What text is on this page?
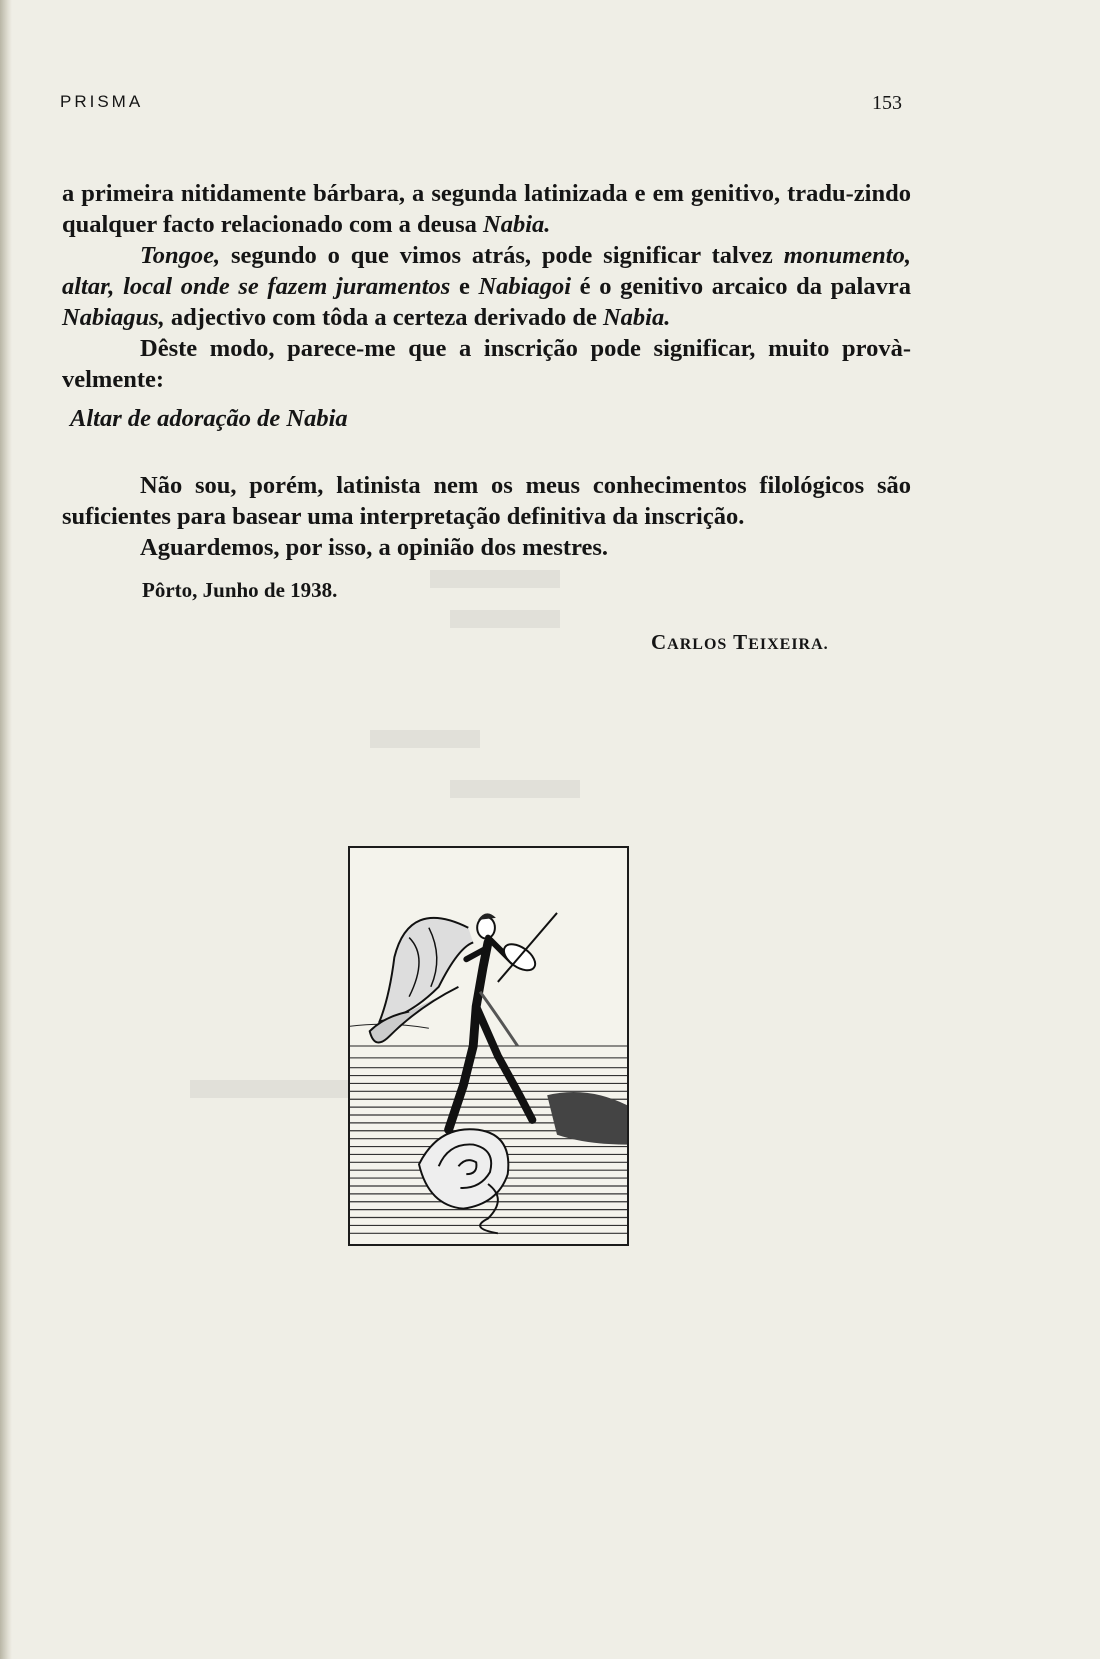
PRISMA	153

a primeira nitidamente bárbara, a segunda latinizada e em genitivo, tradu-zindo qualquer facto relacionado com a deusa Nabia.

Tongoe, segundo o que vimos atrás, pode significar talvez monumento, altar, local onde se fazem juramentos e Nabiagoi é o genitivo arcaico da palavra Nabiagus, adjectivo com tôda a certeza derivado de Nabia.

Dêste modo, parece-me que a inscrição pode significar, muito provà-velmente:

Altar de adoração de Nabia

Não sou, porém, latinista nem os meus conhecimentos filológicos são suficientes para basear uma interpretação definitiva da inscrição.

Aguardemos, por isso, a opinião dos mestres.

Pôrto, Junho de 1938.
CARLOS TEIXEIRA.
